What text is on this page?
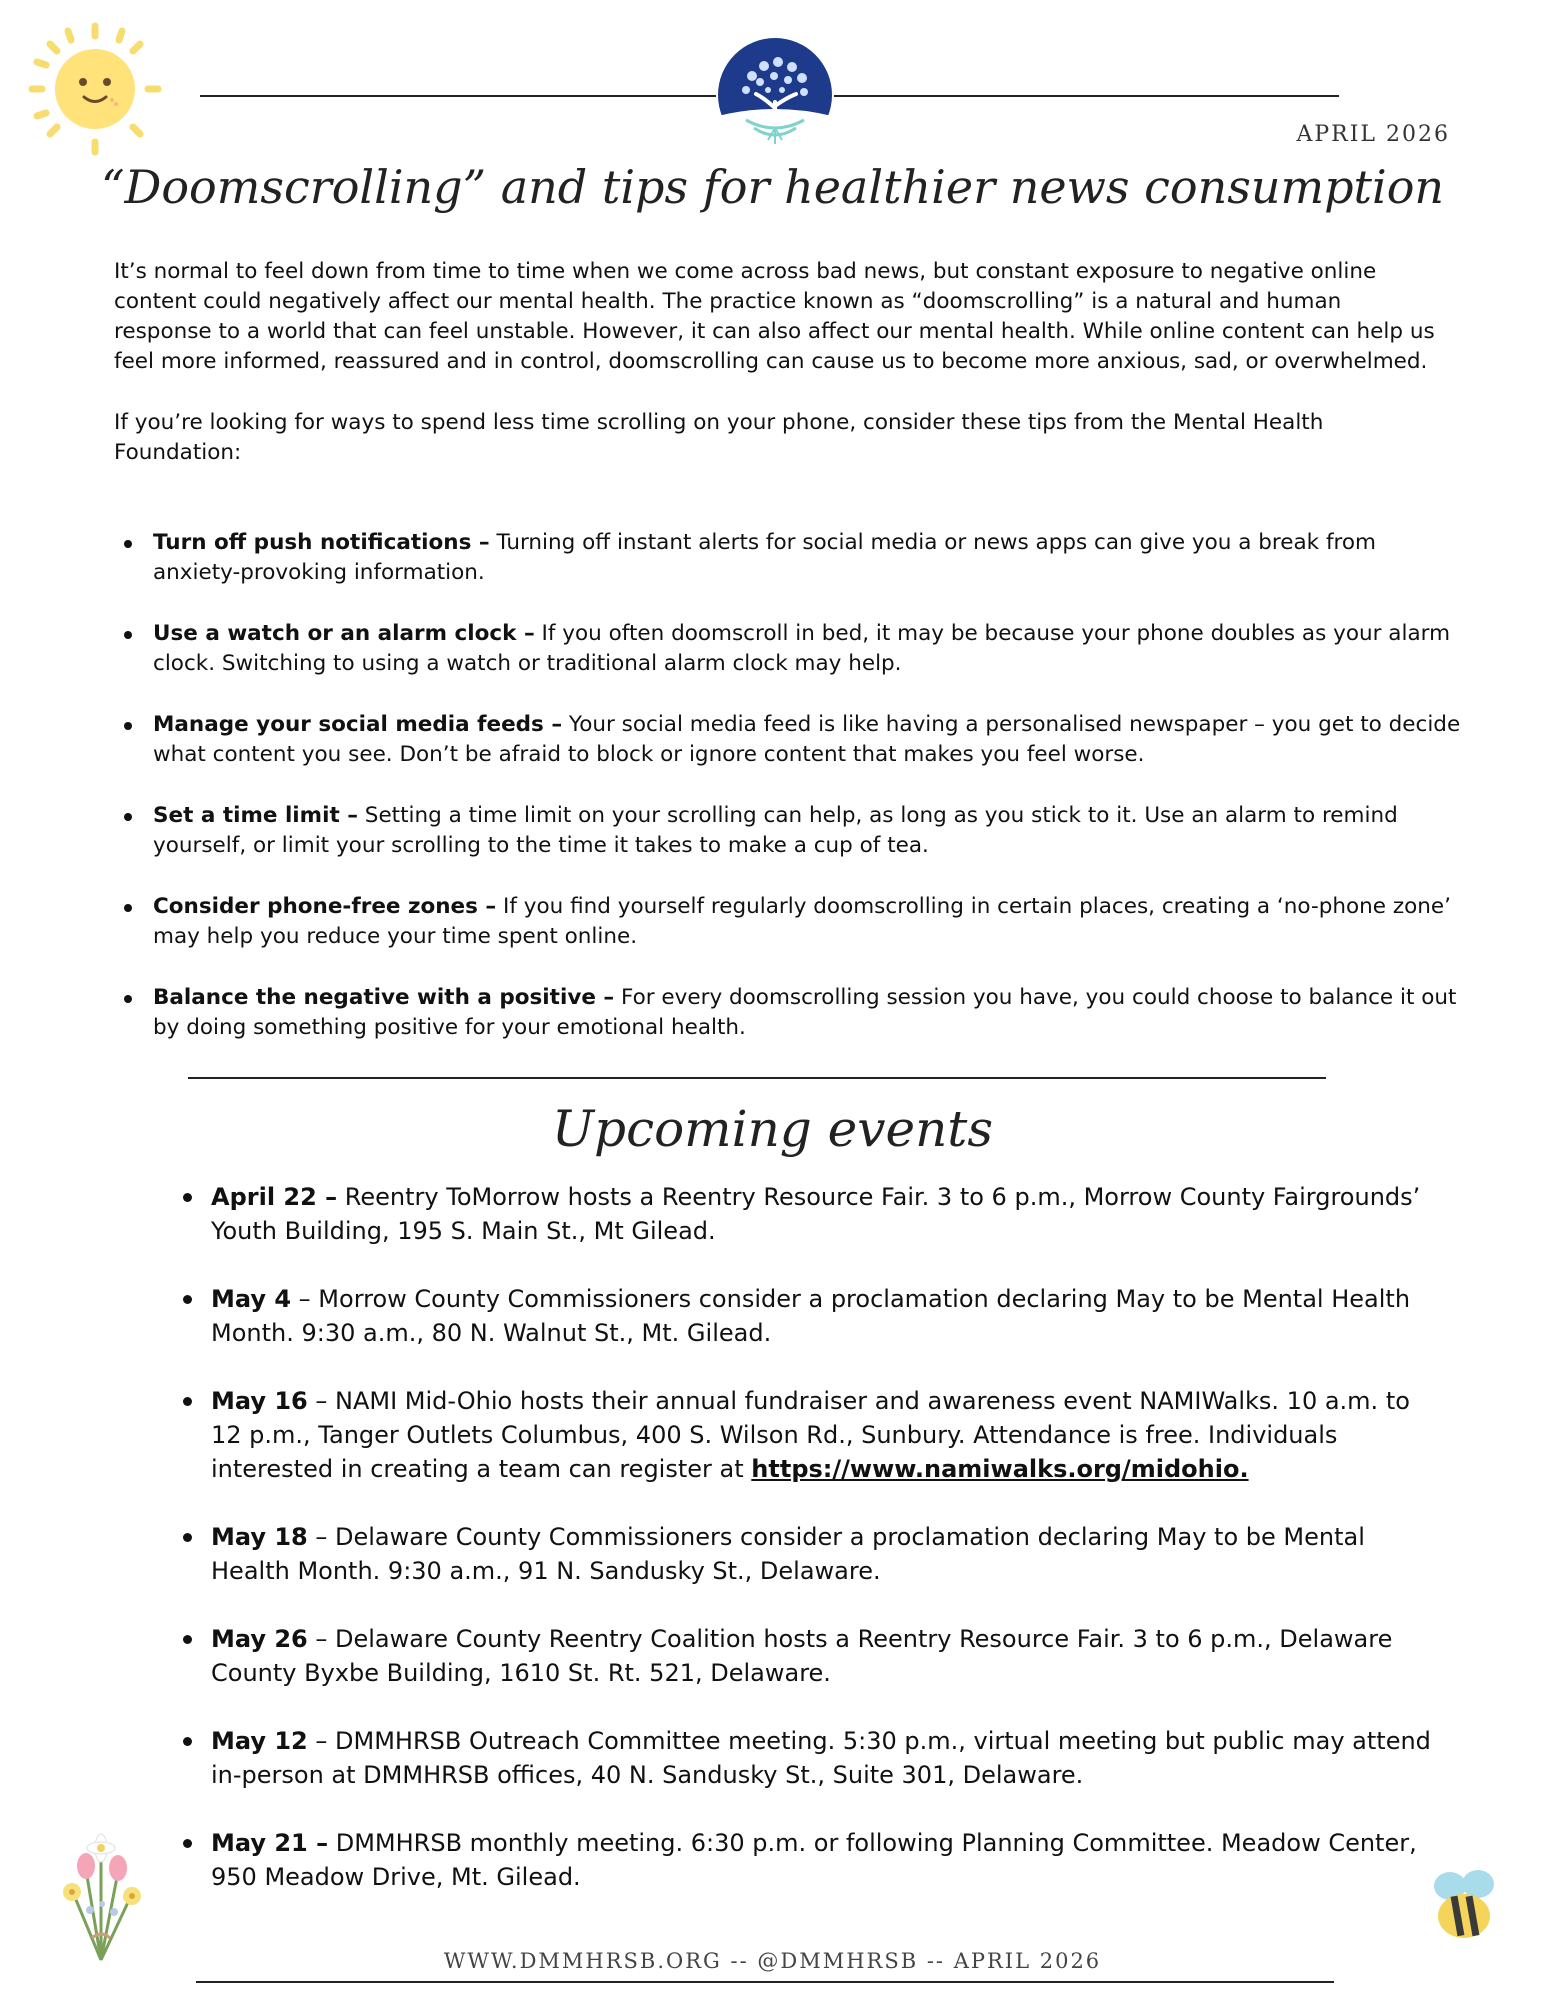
APRIL 2026
“Doomscrolling” and tips for healthier news consumption

It’s normal to feel down from time to time when we come across bad news, but constant exposure to negative online content could negatively affect our mental health. The practice known as “doomscrolling” is a natural and human response to a world that can feel unstable. However, it can also affect our mental health. While online content can help us feel more informed, reassured and in control, doomscrolling can cause us to become more anxious, sad, or overwhelmed.

If you’re looking for ways to spend less time scrolling on your phone, consider these tips from the Mental Health Foundation:

Turn off push notifications – Turning off instant alerts for social media or news apps can give you a break from anxiety-provoking information.
Use a watch or an alarm clock – If you often doomscroll in bed, it may be because your phone doubles as your alarm clock. Switching to using a watch or traditional alarm clock may help.
Manage your social media feeds – Your social media feed is like having a personalised newspaper – you get to decide what content you see. Don’t be afraid to block or ignore content that makes you feel worse.
Set a time limit – Setting a time limit on your scrolling can help, as long as you stick to it. Use an alarm to remind yourself, or limit your scrolling to the time it takes to make a cup of tea.
Consider phone-free zones – If you find yourself regularly doomscrolling in certain places, creating a ‘no-phone zone’ may help you reduce your time spent online.
Balance the negative with a positive – For every doomscrolling session you have, you could choose to balance it out by doing something positive for your emotional health.
Upcoming events
April 22 – Reentry ToMorrow hosts a Reentry Resource Fair. 3 to 6 p.m., Morrow County Fairgrounds’ Youth Building, 195 S. Main St., Mt Gilead.
May 4 – Morrow County Commissioners consider a proclamation declaring May to be Mental Health Month. 9:30 a.m., 80 N. Walnut St., Mt. Gilead.
May 16 – NAMI Mid-Ohio hosts their annual fundraiser and awareness event NAMIWalks. 10 a.m. to 12 p.m., Tanger Outlets Columbus, 400 S. Wilson Rd., Sunbury. Attendance is free. Individuals interested in creating a team can register at https://www.namiwalks.org/midohio.
May 18 – Delaware County Commissioners consider a proclamation declaring May to be Mental Health Month. 9:30 a.m., 91 N. Sandusky St., Delaware.
May 26 – Delaware County Reentry Coalition hosts a Reentry Resource Fair. 3 to 6 p.m., Delaware County Byxbe Building, 1610 St. Rt. 521, Delaware.
May 12 – DMMHRSB Outreach Committee meeting. 5:30 p.m., virtual meeting but public may attend in-person at DMMHRSB offices, 40 N. Sandusky St., Suite 301, Delaware.
May 21 – DMMHRSB monthly meeting. 6:30 p.m. or following Planning Committee. Meadow Center, 950 Meadow Drive, Mt. Gilead.
WWW.DMMHRSB.ORG -- @DMMHRSB -- APRIL 2026
